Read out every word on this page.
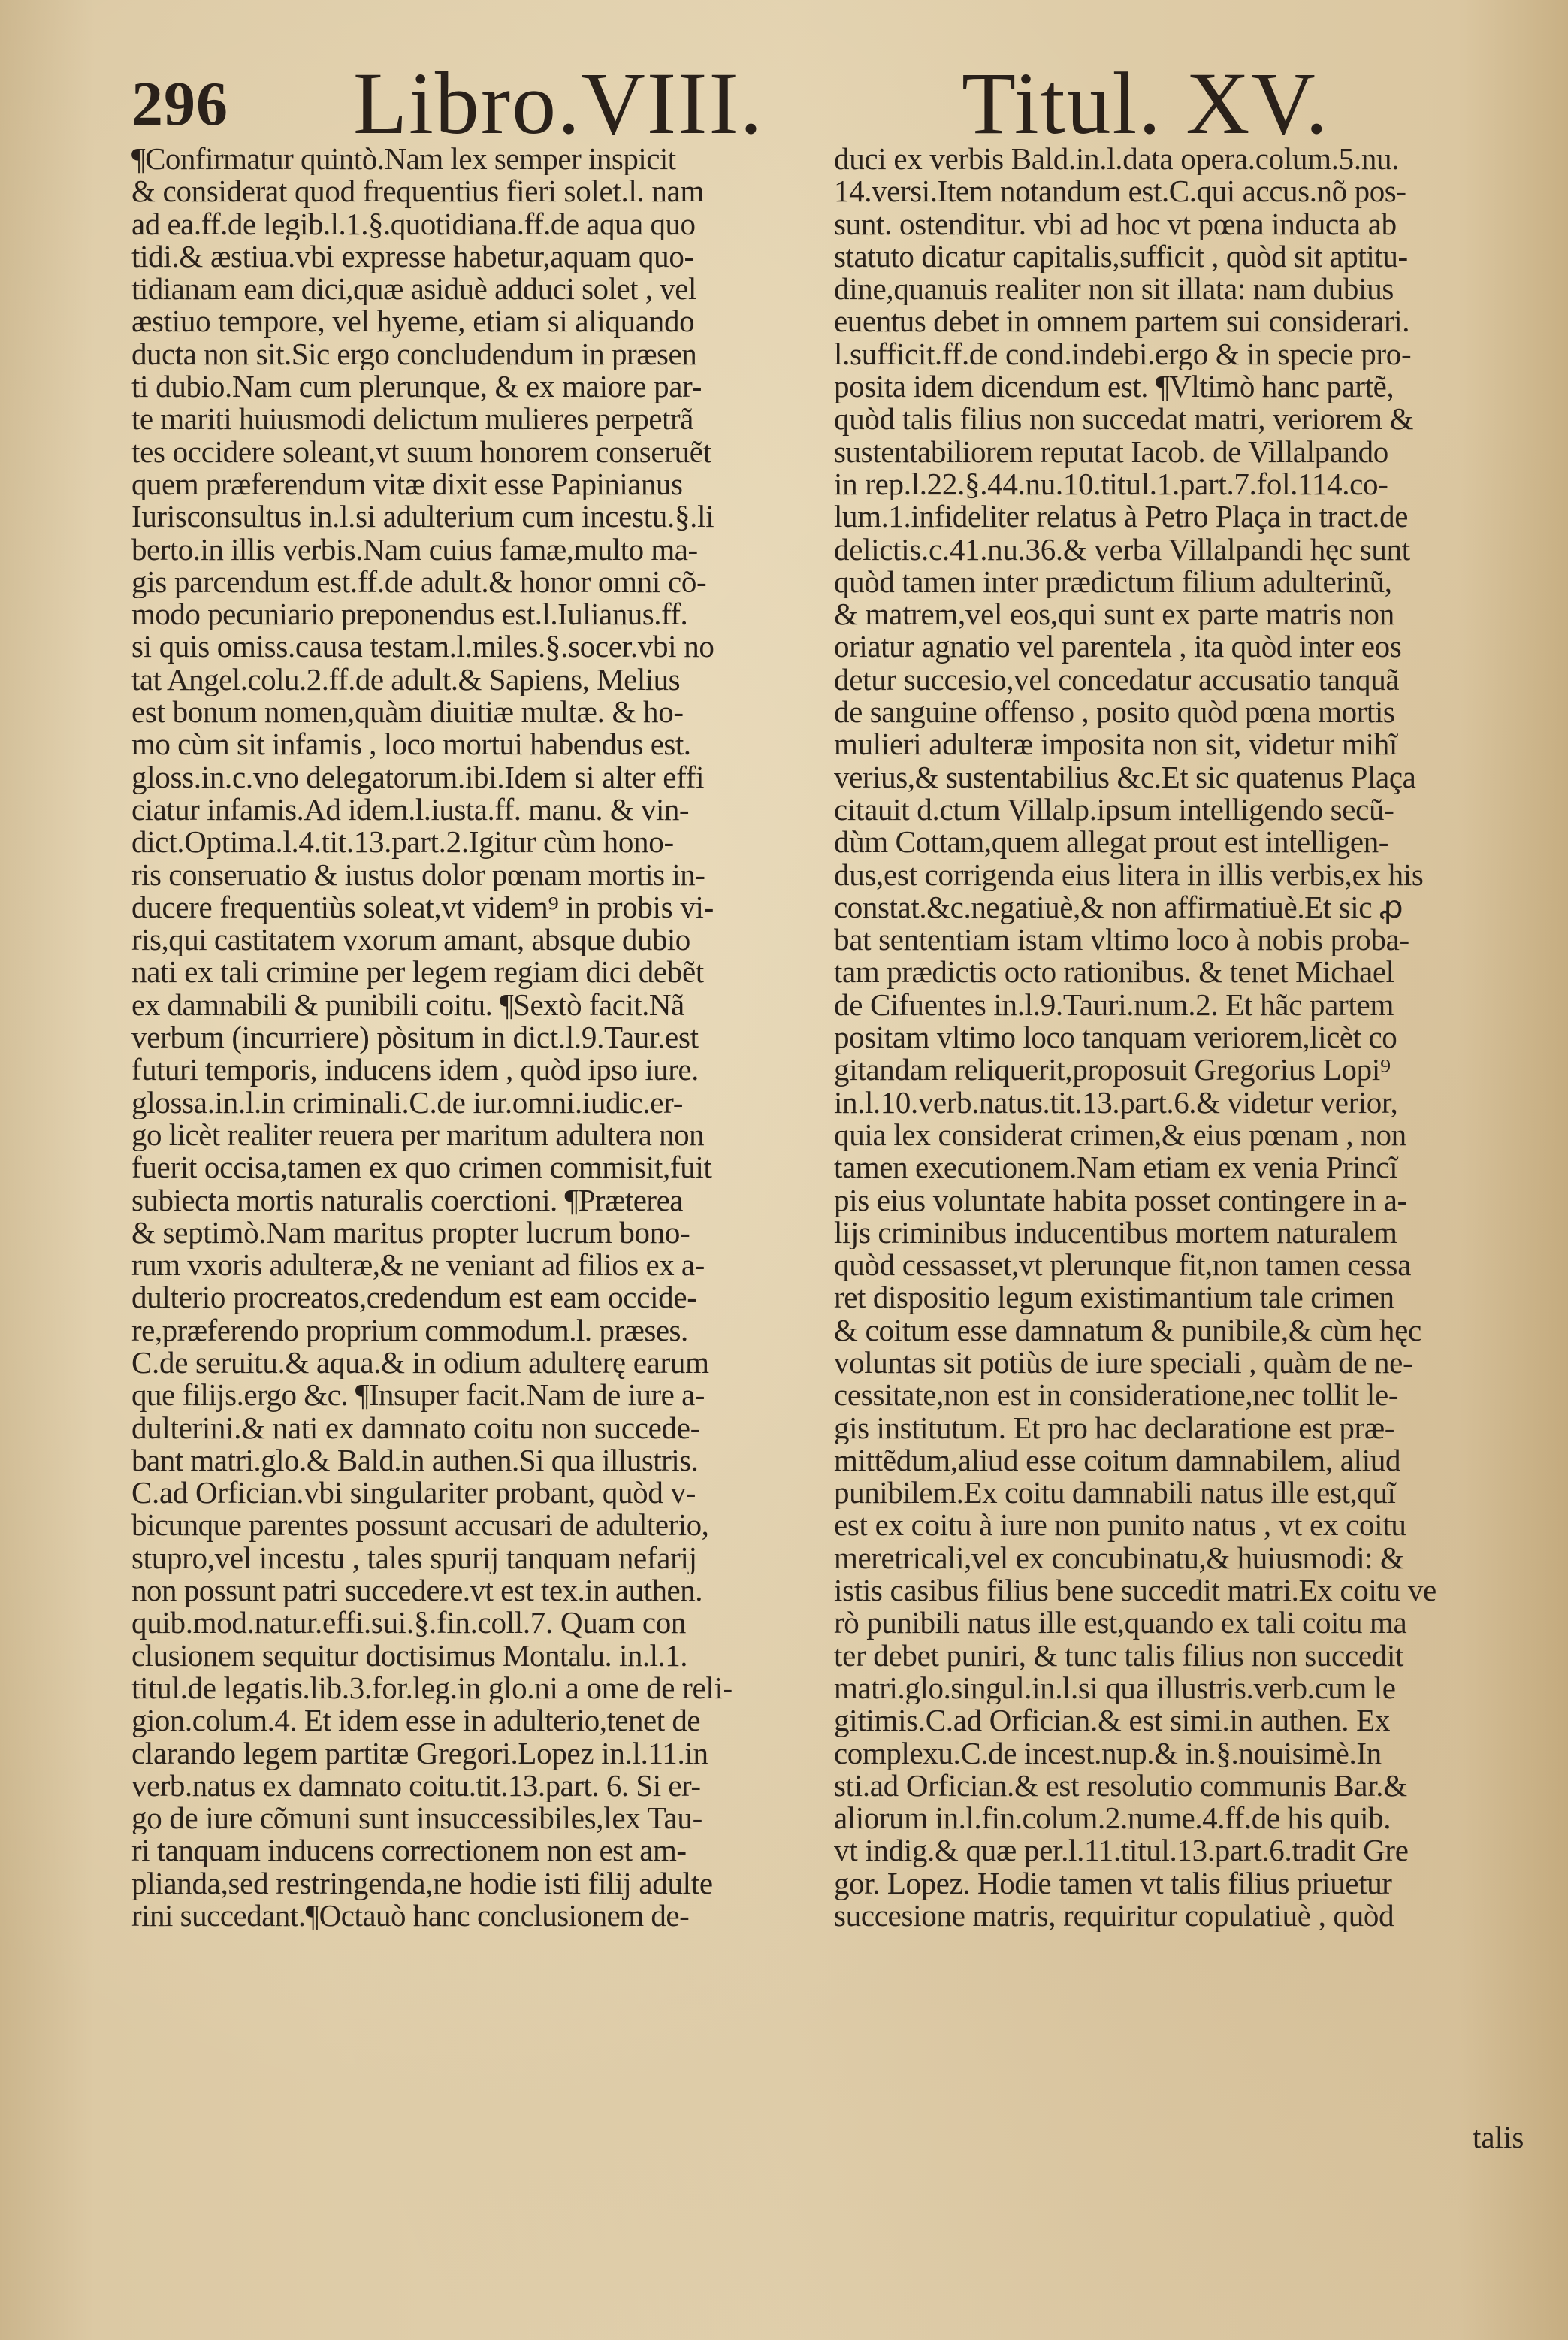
296 Libro.VIII. Titul. XV.
¶Confirmatur quintò.Nam lex semper inspicit
& considerat quod frequentius fieri solet.l. nam
ad ea.ff.de legib.l.1.§.quotidiana.ff.de aqua quo
tidi.& æstiua.vbi expresse habetur,aquam quo-
tidianam eam dici,quæ asiduè adduci solet , vel
æstiuo tempore, vel hyeme, etiam si aliquando
ducta non sit.Sic ergo concludendum in præsen
ti dubio.Nam cum plerunque, & ex maiore par-
te mariti huiusmodi delictum mulieres perpetrã
tes occidere soleant,vt suum honorem conseruẽt
quem præferendum vitæ dixit esse Papinianus
Iurisconsultus in.l.si adulterium cum incestu.§.li
berto.in illis verbis.Nam cuius famæ,multo ma-
gis parcendum est.ff.de adult.& honor omni cõ-
modo pecuniario preponendus est.l.Iulianus.ff.
si quis omiss.causa testam.l.miles.§.socer.vbi no
tat Angel.colu.2.ff.de adult.& Sapiens, Melius
est bonum nomen,quàm diuitiæ multæ. & ho-
mo cùm sit infamis , loco mortui habendus est.
gloss.in.c.vno delegatorum.ibi.Idem si alter effi
ciatur infamis.Ad idem.l.iusta.ff. manu. & vin-
dict.Optima.l.4.tit.13.part.2.Igitur cùm hono-
ris conseruatio & iustus dolor pœnam mortis in-
ducere frequentiùs soleat,vt videm⁹ in probis vi-
ris,qui castitatem vxorum amant, absque dubio
nati ex tali crimine per legem regiam dici debẽt
ex damnabili & punibili coitu. ¶Sextò facit.Nã
verbum (incurriere) pòsitum in dict.l.9.Taur.est
futuri temporis, inducens idem , quòd ipso iure.
glossa.in.l.in criminali.C.de iur.omni.iudic.er-
go licèt realiter reuera per maritum adultera non
fuerit occisa,tamen ex quo crimen commisit,fuit
subiecta mortis naturalis coerctioni. ¶Præterea
& septimò.Nam maritus propter lucrum bono-
rum vxoris adulteræ,& ne veniant ad filios ex a-
dulterio procreatos,credendum est eam occide-
re,præferendo proprium commodum.l. præses.
C.de seruitu.& aqua.& in odium adulterę earum
que filijs.ergo &c. ¶Insuper facit.Nam de iure a-
dulterini.& nati ex damnato coitu non succede-
bant matri.glo.& Bald.in authen.Si qua illustris.
C.ad Orfician.vbi singulariter probant, quòd v-
bicunque parentes possunt accusari de adulterio,
stupro,vel incestu , tales spurij tanquam nefarij
non possunt patri succedere.vt est tex.in authen.
quib.mod.natur.effi.sui.§.fin.coll.7. Quam con
clusionem sequitur doctisimus Montalu. in.l.1.
titul.de legatis.lib.3.for.leg.in glo.ni a ome de reli-
gion.colum.4. Et idem esse in adulterio,tenet de
clarando legem partitæ Gregori.Lopez in.l.11.in
verb.natus ex damnato coitu.tit.13.part. 6. Si er-
go de iure cõmuni sunt insuccessibiles,lex Tau-
ri tanquam inducens correctionem non est am-
plianda,sed restringenda,ne hodie isti filij adulte
rini succedant.¶Octauò hanc conclusionem de-
duci ex verbis Bald.in.l.data opera.colum.5.nu.
14.versi.Item notandum est.C.qui accus.nõ pos-
sunt. ostenditur. vbi ad hoc vt pœna inducta ab
statuto dicatur capitalis,sufficit , quòd sit aptitu-
dine,quanuis realiter non sit illata: nam dubius
euentus debet in omnem partem sui considerari.
l.sufficit.ff.de cond.indebi.ergo & in specie pro-
posita idem dicendum est. ¶Vltimò hanc partẽ,
quòd talis filius non succedat matri, veriorem &
sustentabiliorem reputat Iacob. de Villalpando
in rep.l.22.§.44.nu.10.titul.1.part.7.fol.114.co-
lum.1.infideliter relatus à Petro Plaça in tract.de
delictis.c.41.nu.36.& verba Villalpandi hęc sunt
quòd tamen inter prædictum filium adulterinũ,
& matrem,vel eos,qui sunt ex parte matris non
oriatur agnatio vel parentela , ita quòd inter eos
detur succesio,vel concedatur accusatio tanquã
de sanguine offenso , posito quòd pœna mortis
mulieri adulteræ imposita non sit, videtur mihĩ
verius,& sustentabilius &c.Et sic quatenus Plaça
citauit d.ctum Villalp.ipsum intelligendo secũ-
dùm Cottam,quem allegat prout est intelligen-
dus,est corrigenda eius litera in illis verbis,ex his
constat.&c.negatiuè,& non affirmatiuè.Et sic ꝓ
bat sententiam istam vltimo loco à nobis proba-
tam prædictis octo rationibus. & tenet Michael
de Cifuentes in.l.9.Tauri.num.2. Et hãc partem
positam vltimo loco tanquam veriorem,licèt co
gitandam reliquerit,proposuit Gregorius Lopi⁹
in.l.10.verb.natus.tit.13.part.6.& videtur verior,
quia lex considerat crimen,& eius pœnam , non
tamen executionem.Nam etiam ex venia Princĩ
pis eius voluntate habita posset contingere in a-
lijs criminibus inducentibus mortem naturalem
quòd cessasset,vt plerunque fit,non tamen cessa
ret dispositio legum existimantium tale crimen
& coitum esse damnatum & punibile,& cùm hęc
voluntas sit potiùs de iure speciali , quàm de ne-
cessitate,non est in consideratione,nec tollit le-
gis institutum. Et pro hac declaratione est præ-
mittẽdum,aliud esse coitum damnabilem, aliud
punibilem.Ex coitu damnabili natus ille est,quĩ
est ex coitu à iure non punito natus , vt ex coitu
meretricali,vel ex concubinatu,& huiusmodi: &
istis casibus filius bene succedit matri.Ex coitu ve
rò punibili natus ille est,quando ex tali coitu ma
ter debet puniri, & tunc talis filius non succedit
matri.glo.singul.in.l.si qua illustris.verb.cum le
gitimis.C.ad Orfician.& est simi.in authen. Ex
complexu.C.de incest.nup.& in.§.nouisimè.In
sti.ad Orfician.& est resolutio communis Bar.&
aliorum in.l.fin.colum.2.nume.4.ff.de his quib.
vt indig.& quæ per.l.11.titul.13.part.6.tradit Gre
gor. Lopez. Hodie tamen vt talis filius priuetur
succesione matris, requiritur copulatiuè , quòd
talis
